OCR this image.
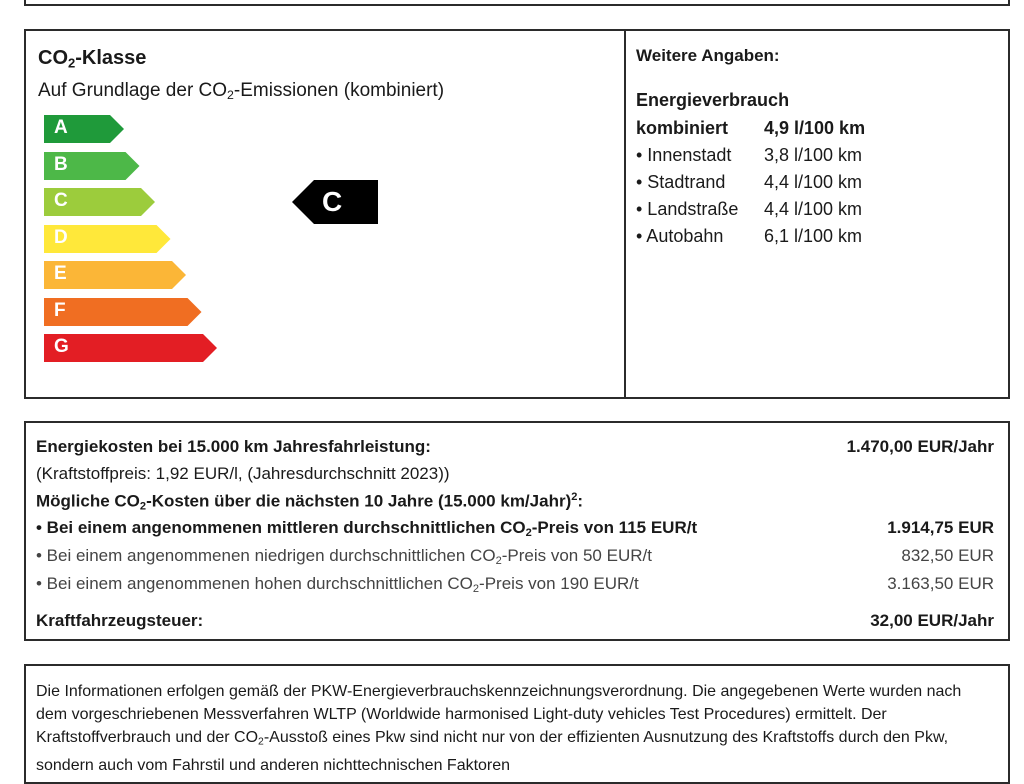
$CO_2$-Klasse
Auf Grundlage der $CO_2$-Emissionen (kombiniert)
A
B
C
D
E
F
G
C
Weitere Angaben:
Energieverbrauch
kombiniert 4,9 l/100 km
• Innenstadt 3,8 l/100 km
• Stadtrand 4,4 l/100 km
• Landstraße 4,4 l/100 km
• Autobahn 6,1 l/100 km
Energiekosten bei 15.000 km Jahresfahrleistung:	1.470,00 EUR/Jahr
(Kraftstoffpreis: 1,92 EUR/l, (Jahresdurchschnitt 2023))
Mögliche $CO_2$-Kosten über die nächsten 10 Jahre (15.000 km/Jahr)$^2$:
• Bei einem angenommenen mittleren durchschnittlichen $CO_2$-Preis von 115 EUR/t	1.914,75 EUR
• Bei einem angenommenen niedrigen durchschnittlichen $CO_2$-Preis von 50 EUR/t	832,50 EUR
• Bei einem angenommenen hohen durchschnittlichen $CO_2$-Preis von 190 EUR/t	3.163,50 EUR
Kraftfahrzeugsteuer:	32,00 EUR/Jahr
Die Informationen erfolgen gemäß der PKW-Energieverbrauchskennzeichnungsverordnung. Die angegebenen Werte wurden nach dem vorgeschriebenen Messverfahren WLTP (Worldwide harmonised Light-duty vehicles Test Procedures) ermittelt. Der Kraftstoffverbrauch und der $CO_2$-Ausstoß eines Pkw sind nicht nur von der effizienten Ausnutzung des Kraftstoffs durch den Pkw, sondern auch vom Fahrstil und anderen nichttechnischen Faktoren
